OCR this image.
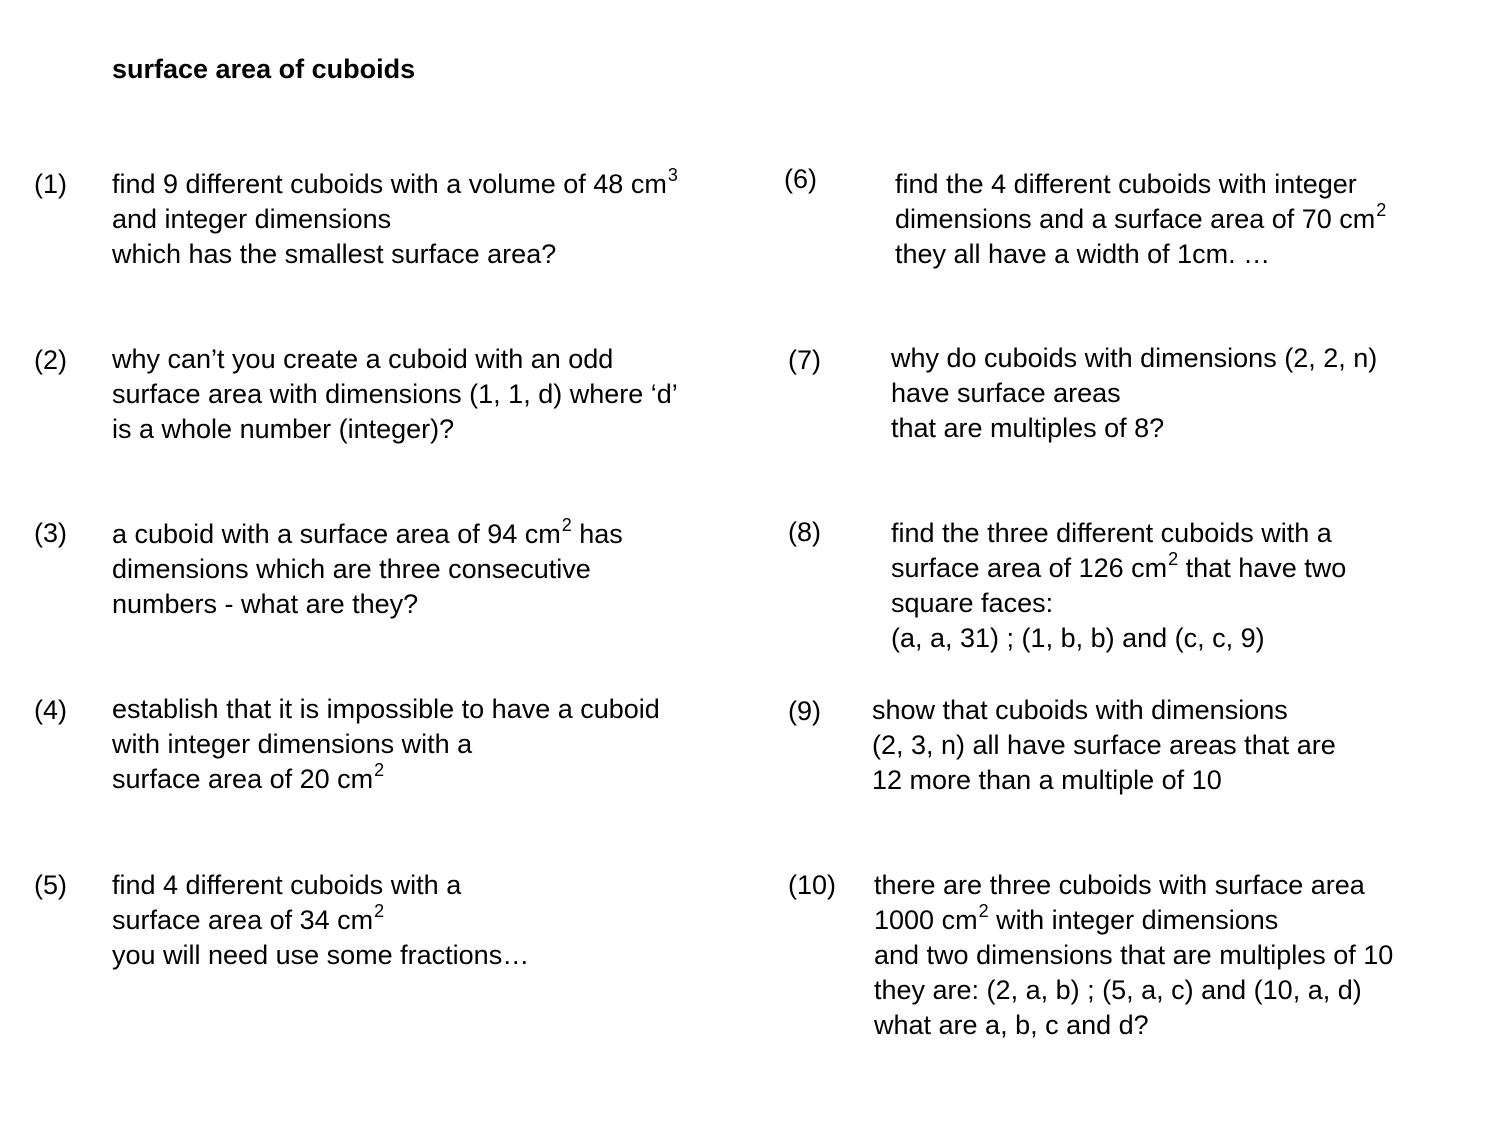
surface area of cuboids
(1) find 9 different cuboids with a volume of 48 $cm^3$
and integer dimensions
which has the smallest surface area?
(2) why can’t you create a cuboid with an odd
surface area with dimensions (1, 1, d) where ‘d’
is a whole number (integer)?
(3) a cuboid with a surface area of 94 $cm^2$ has
dimensions which are three consecutive
numbers - what are they?
(4) establish that it is impossible to have a cuboid
with integer dimensions with a
surface area of 20 $cm^2$
(5) find 4 different cuboids with a
surface area of 34 $cm^2$
you will need use some fractions…
(6)	find the 4 different cuboids with integer
dimensions and a surface area of 70 $cm^2$
they all have a width of 1cm. …
(7)	why do cuboids with dimensions (2, 2, n)
have surface areas
that are multiples of 8?
(8)	find the three different cuboids with a
surface area of 126 $cm^2$ that have two
square faces:
(a, a, 31) ; (1, b, b) and (c, c, 9)
(9) show that cuboids with dimensions
(2, 3, n) all have surface areas that are
12 more than a multiple of 10
(10) there are three cuboids with surface area
1000 $cm^2$ with integer dimensions
and two dimensions that are multiples of 10
they are: (2, a, b) ; (5, a, c) and (10, a, d)
what are a, b, c and d?
